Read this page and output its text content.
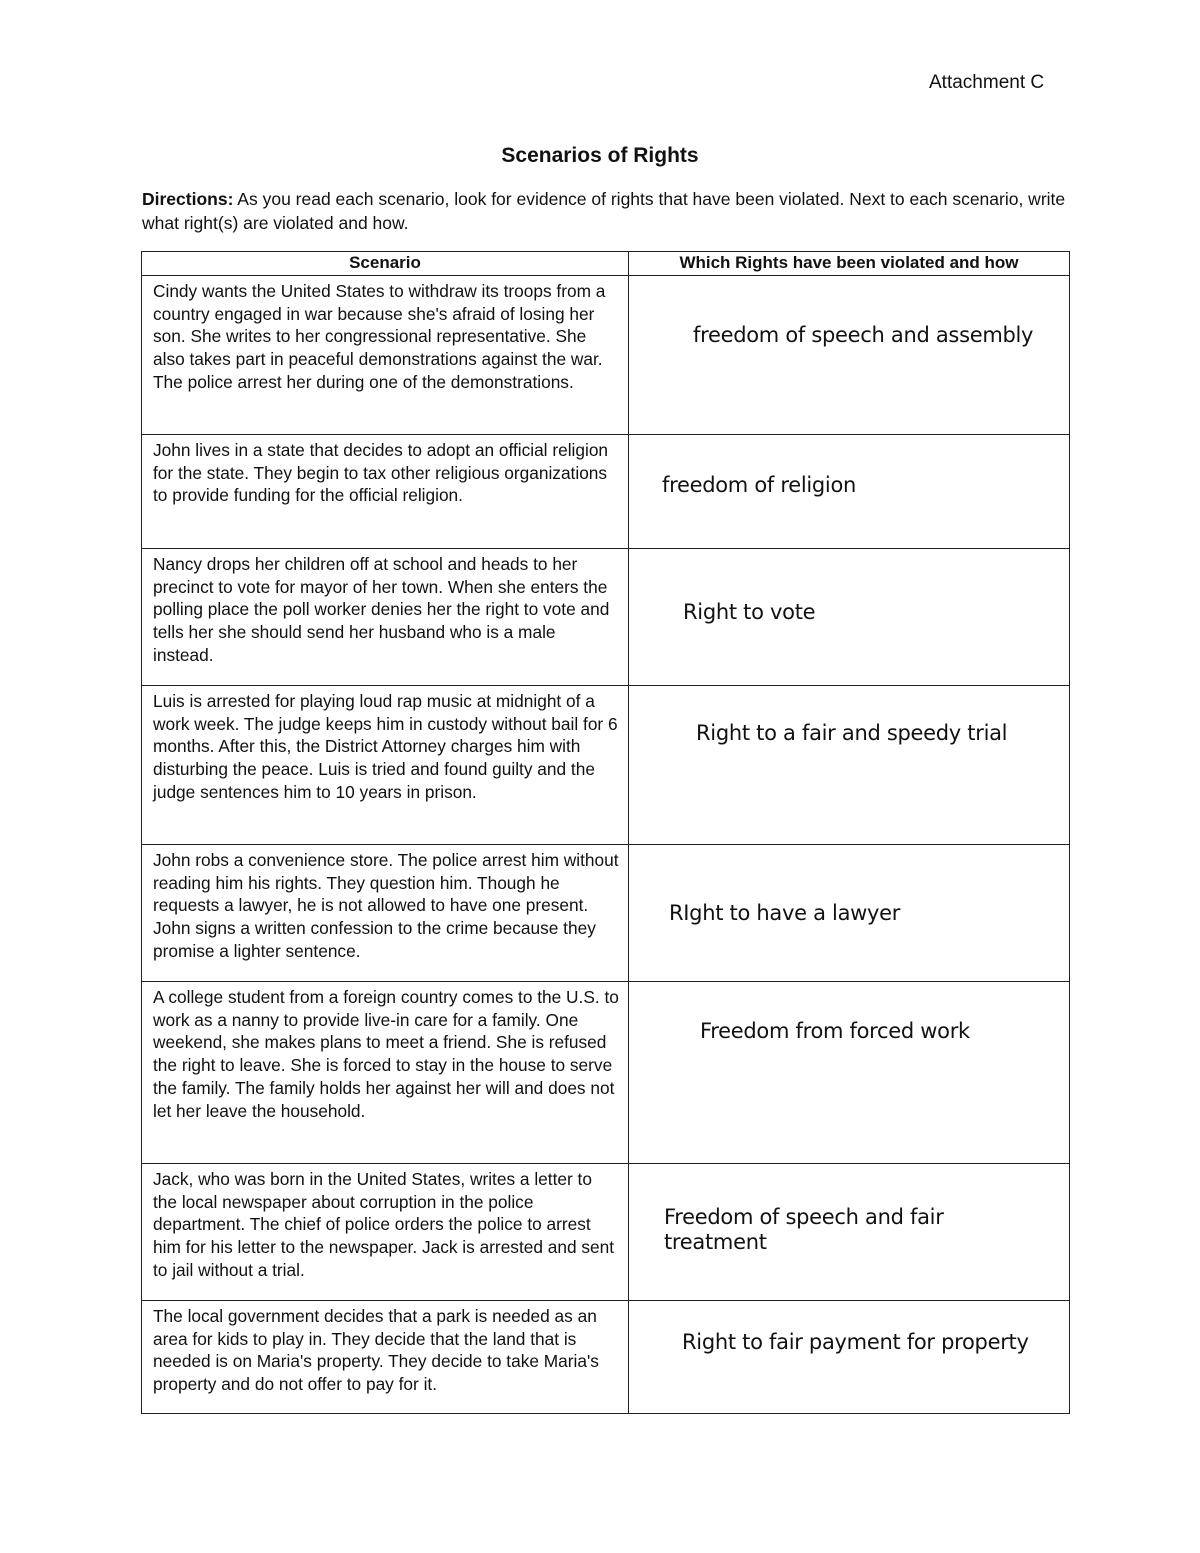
Attachment C
Scenarios of Rights
Directions: As you read each scenario, look for evidence of rights that have been violated. Next to each scenario, write what right(s) are violated and how.
Scenario	Which Rights have been violated and how

Cindy wants the United States to withdraw its troops from a country engaged in war because she's afraid of losing her son. She writes to her congressional representative. She also takes part in peaceful demonstrations against the war. The police arrest her during one of the demonstrations.	freedom of speech and assembly

John lives in a state that decides to adopt an official religion for the state. They begin to tax other religious organizations to provide funding for the official religion.	freedom of religion

Nancy drops her children off at school and heads to her precinct to vote for mayor of her town. When she enters the polling place the poll worker denies her the right to vote and tells her she should send her husband who is a male instead.	Right to vote

Luis is arrested for playing loud rap music at midnight of a work week. The judge keeps him in custody without bail for 6 months. After this, the District Attorney charges him with disturbing the peace. Luis is tried and found guilty and the judge sentences him to 10 years in prison.	Right to a fair and speedy trial

John robs a convenience store. The police arrest him without reading him his rights. They question him. Though he requests a lawyer, he is not allowed to have one present. John signs a written confession to the crime because they promise a lighter sentence.	RIght to have a lawyer

A college student from a foreign country comes to the U.S. to work as a nanny to provide live-in care for a family. One weekend, she makes plans to meet a friend. She is refused the right to leave. She is forced to stay in the house to serve the family. The family holds her against her will and does not let her leave the household.	Freedom from forced work

Jack, who was born in the United States, writes a letter to the local newspaper about corruption in the police department. The chief of police orders the police to arrest him for his letter to the newspaper. Jack is arrested and sent to jail without a trial.	Freedom of speech and fair treatment

The local government decides that a park is needed as an area for kids to play in. They decide that the land that is needed is on Maria's property. They decide to take Maria's property and do not offer to pay for it.	Right to fair payment for property
